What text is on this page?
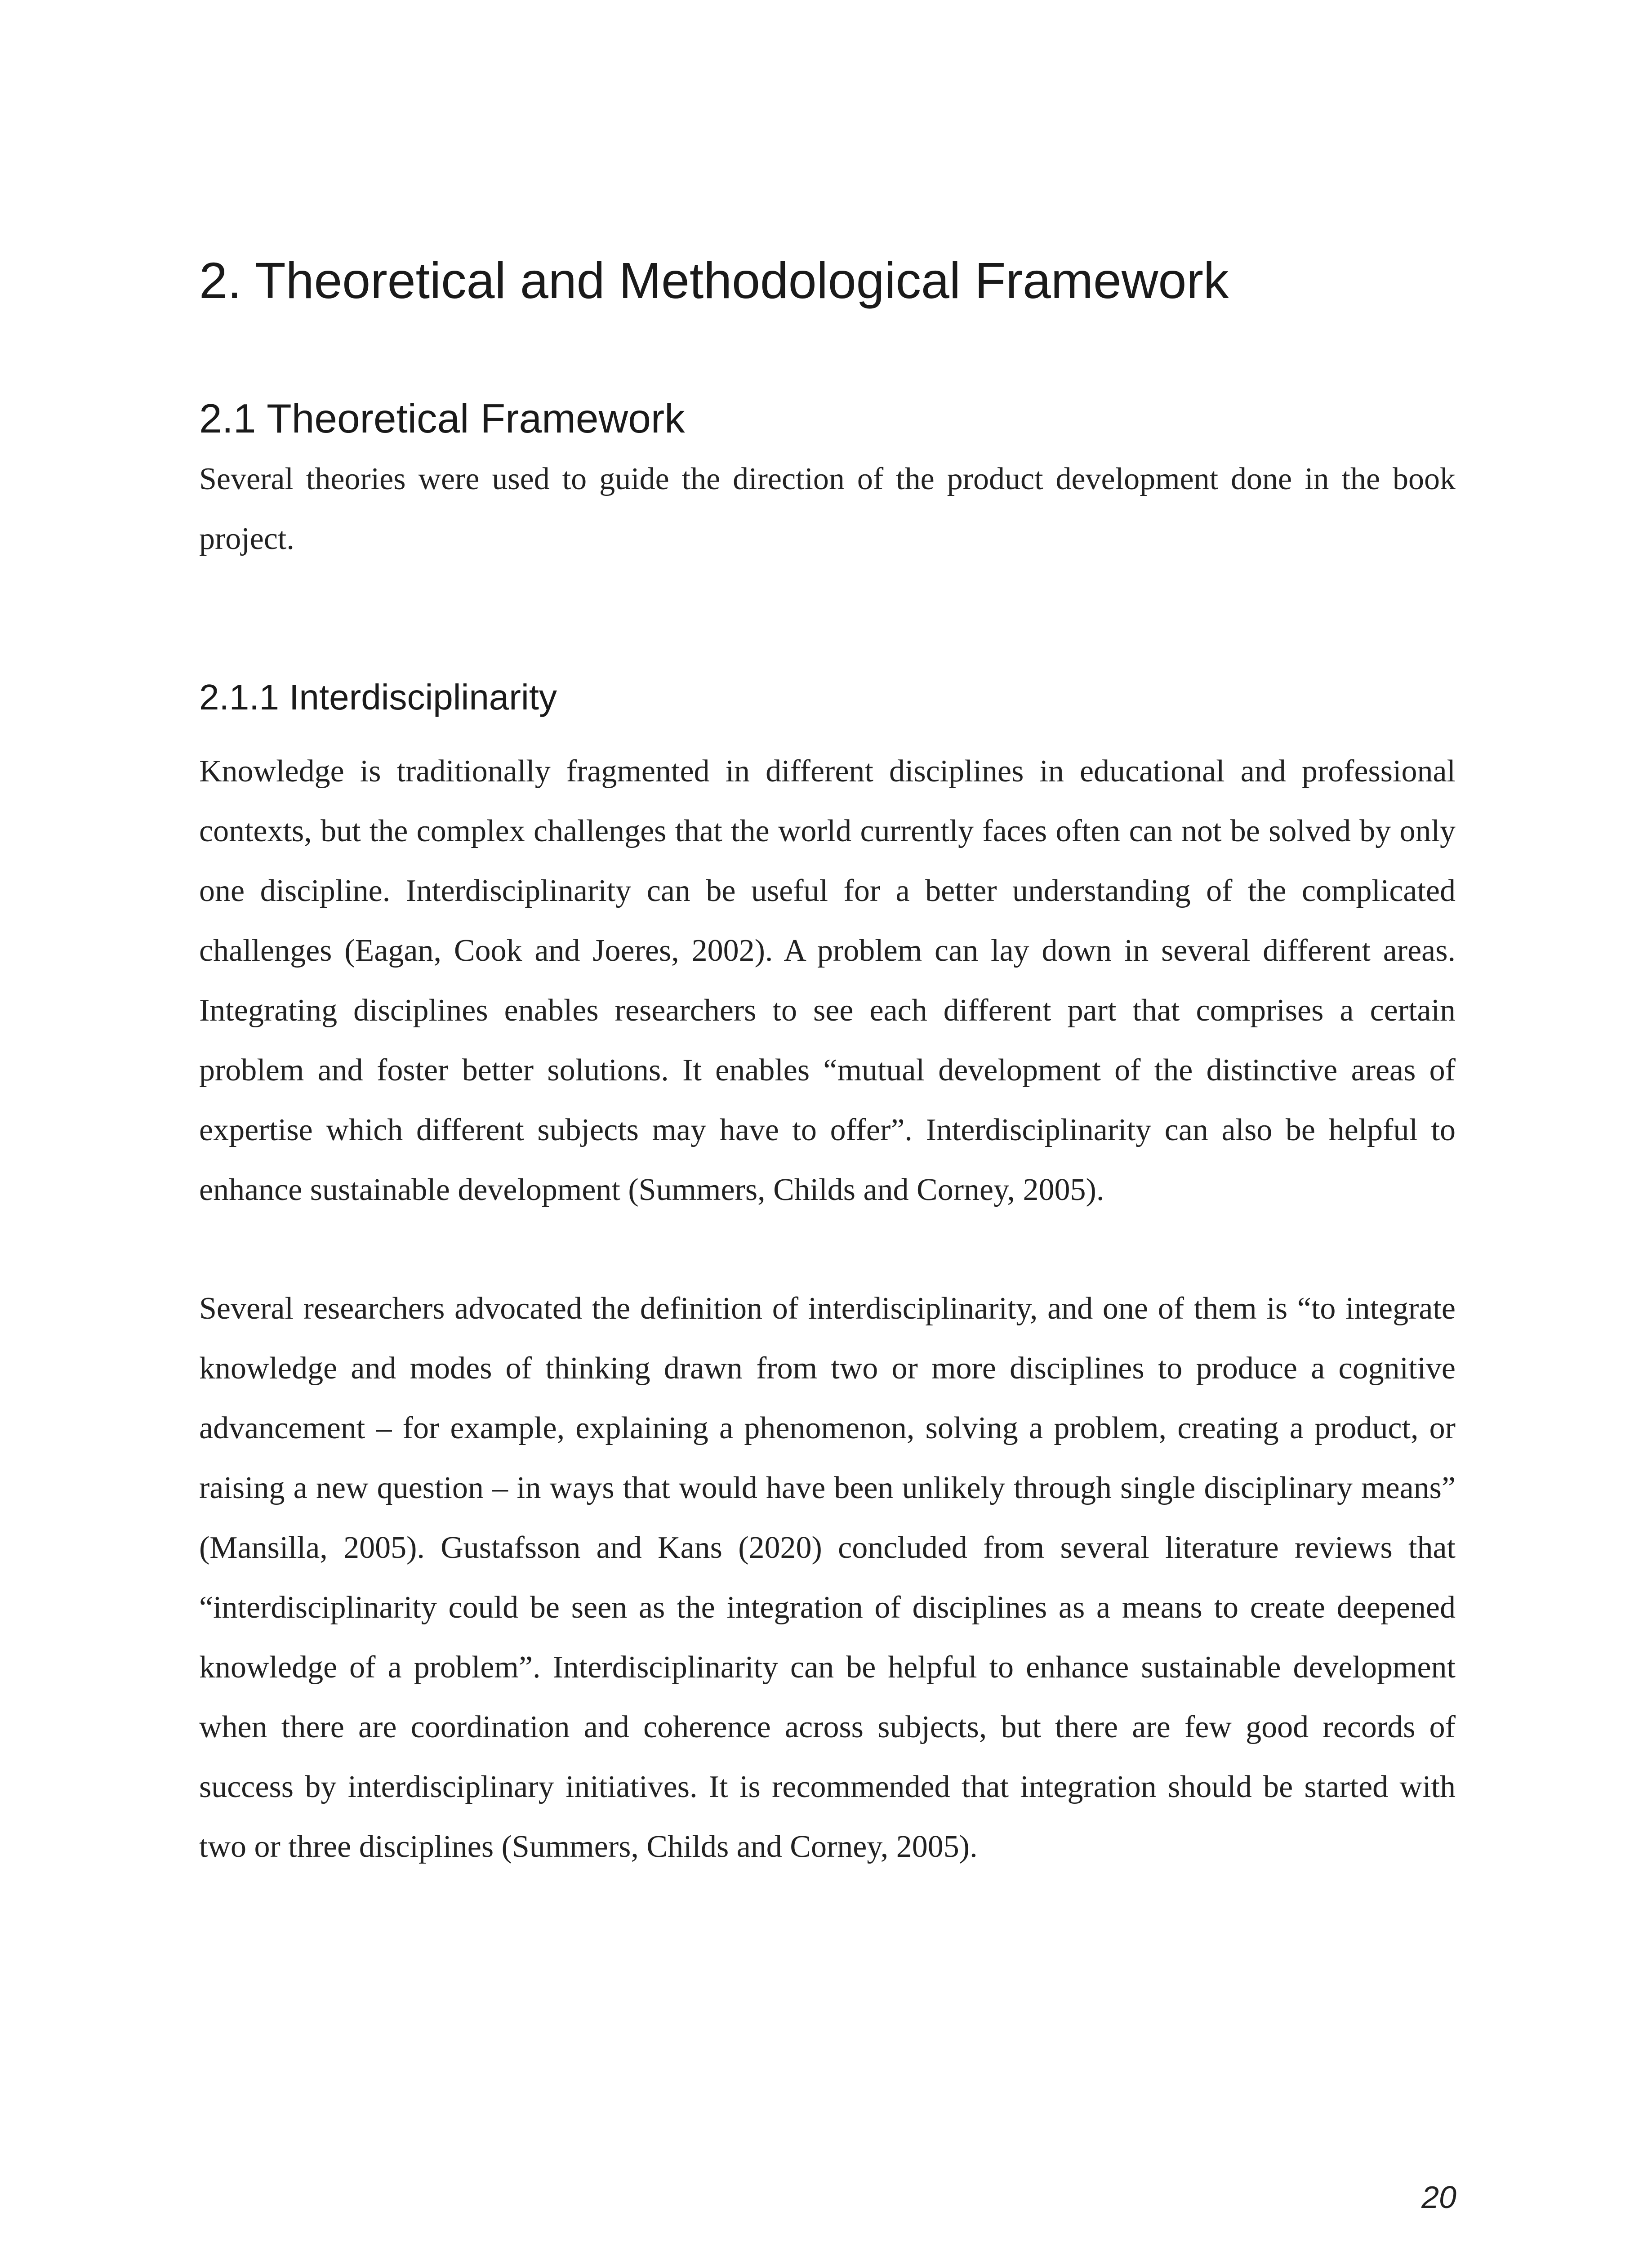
2. Theoretical and Methodological Framework
2.1 Theoretical Framework

Several theories were used to guide the direction of the product development done in the book project.

2.1.1 Interdisciplinarity

Knowledge is traditionally fragmented in different disciplines in educational and professional contexts, but the complex challenges that the world currently faces often can not be solved by only one discipline. Interdisciplinarity can be useful for a better understanding of the complicated challenges (Eagan, Cook and Joeres, 2002). A problem can lay down in several different areas. Integrating disciplines enables researchers to see each different part that comprises a certain problem and foster better solutions. It enables “mutual development of the distinctive areas of expertise which different subjects may have to offer”. Interdisciplinarity can also be helpful to enhance sustainable development (Summers, Childs and Corney, 2005).

Several researchers advocated the definition of interdisciplinarity, and one of them is “to integrate knowledge and modes of thinking drawn from two or more disciplines to produce a cognitive advancement – for example, explaining a phenomenon, solving a problem, creating a product, or raising a new question – in ways that would have been unlikely through single disciplinary means” (Mansilla, 2005). Gustafsson and Kans (2020) concluded from several literature reviews that “interdisciplinarity could be seen as the integration of disciplines as a means to create deepened knowledge of a problem”. Interdisciplinarity can be helpful to enhance sustainable development when there are coordination and coherence across subjects, but there are few good records of success by interdisciplinary initiatives. It is recommended that integration should be started with two or three disciplines (Summers, Childs and Corney, 2005).

20
